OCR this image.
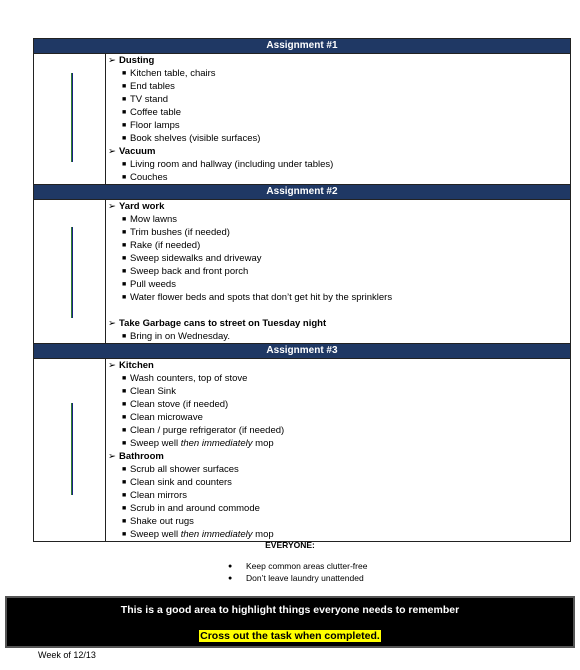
Assignment #1
➢ Dusting
■ Kitchen table, chairs
■ End tables
■ TV stand
■ Coffee table
■ Floor lamps
■ Book shelves (visible surfaces)
➢ Vacuum
■ Living room and hallway (including under tables)
■ Couches
Assignment #2
➢ Yard work
■ Mow lawns
■ Trim bushes (if needed)
■ Rake (if needed)
■ Sweep sidewalks and driveway
■ Sweep back and front porch
■ Pull weeds
■ Water flower beds and spots that don’t get hit by the sprinklers
➢ Take Garbage cans to street on Tuesday night
■ Bring in on Wednesday.
Assignment #3
➢ Kitchen
■ Wash counters, top of stove
■ Clean Sink
■ Clean stove (if needed)
■ Clean microwave
■ Clean / purge refrigerator (if needed)
■ Sweep well then immediately mop
➢ Bathroom
■ Scrub all shower surfaces
■ Clean sink and counters
■ Clean mirrors
■ Scrub in and around commode
■ Shake out rugs
■ Sweep well then immediately mop
EVERYONE:
● Keep common areas clutter-free
● Don’t leave laundry unattended
This is a good area to highlight things everyone needs to remember
Cross out the task when completed.
Week of 12/13
